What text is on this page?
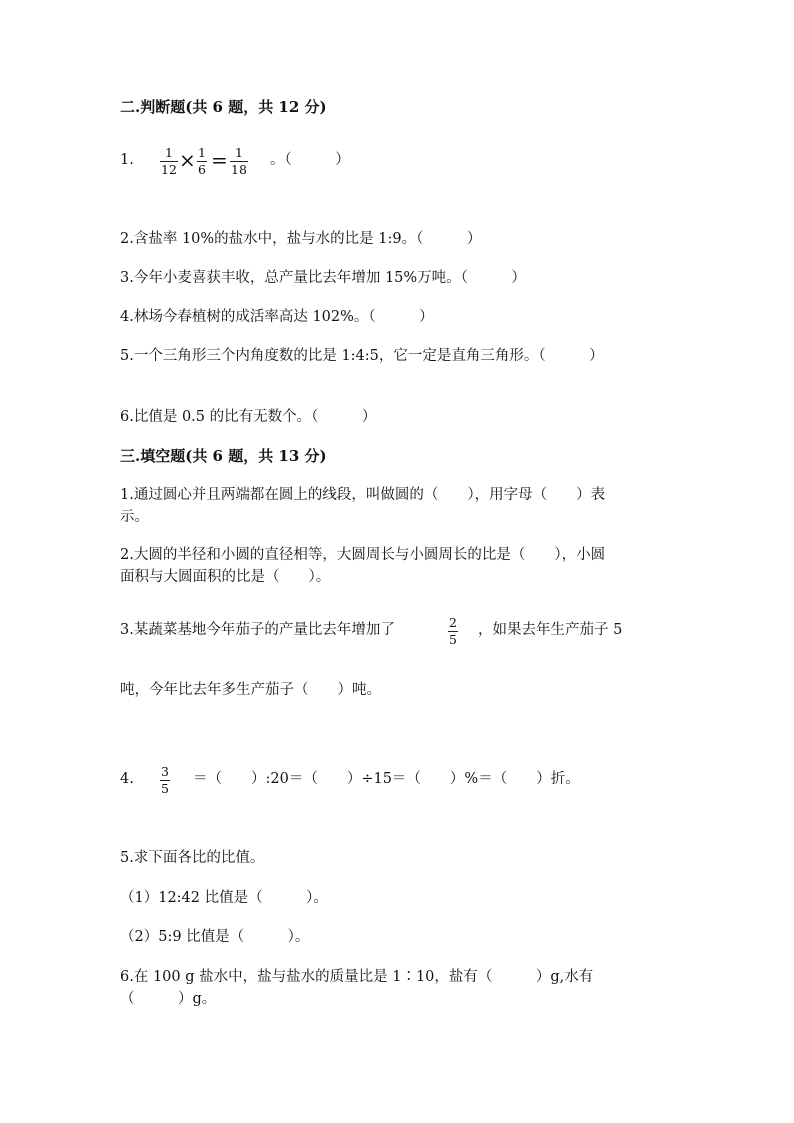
二.判断题(共 6 题，共 12 分)
1. 1
12 × 1
6 = 1
18
。（　　　）
2.含盐率 10%的盐水中，盐与水的比是 1:9。（　　　）
3.今年小麦喜获丰收，总产量比去年增加 15%万吨。（　　　）
4.林场今春植树的成活率高达 102%。（　　　）
5.一个三角形三个内角度数的比是 1:4:5，它一定是直角三角形。（　　　）
6.比值是 0.5 的比有无数个。（　　　）
三.填空题(共 6 题，共 13 分)
1.通过圆心并且两端都在圆上的线段，叫做圆的（　　），用字母（　　）表
示。
2.大圆的半径和小圆的直径相等，大圆周长与小圆周长的比是（　　），小圆
面积与大圆面积的比是（　　）。
3.某蔬菜基地今年茄子的产量比去年增加了	2
5
，如果去年生产茄子 5
吨，今年比去年多生产茄子（　　）吨。
4. 3
5
＝（　　）:20＝（　　）÷15＝（　　）%＝（　　）折。
5.求下面各比的比值。
（1）12:42 比值是（　　　）。
（2）5:9 比值是（　　　）。
6.在 100 g 盐水中，盐与盐水的质量比是 1∶10，盐有（　　　）g,水有
（　　　）g。
